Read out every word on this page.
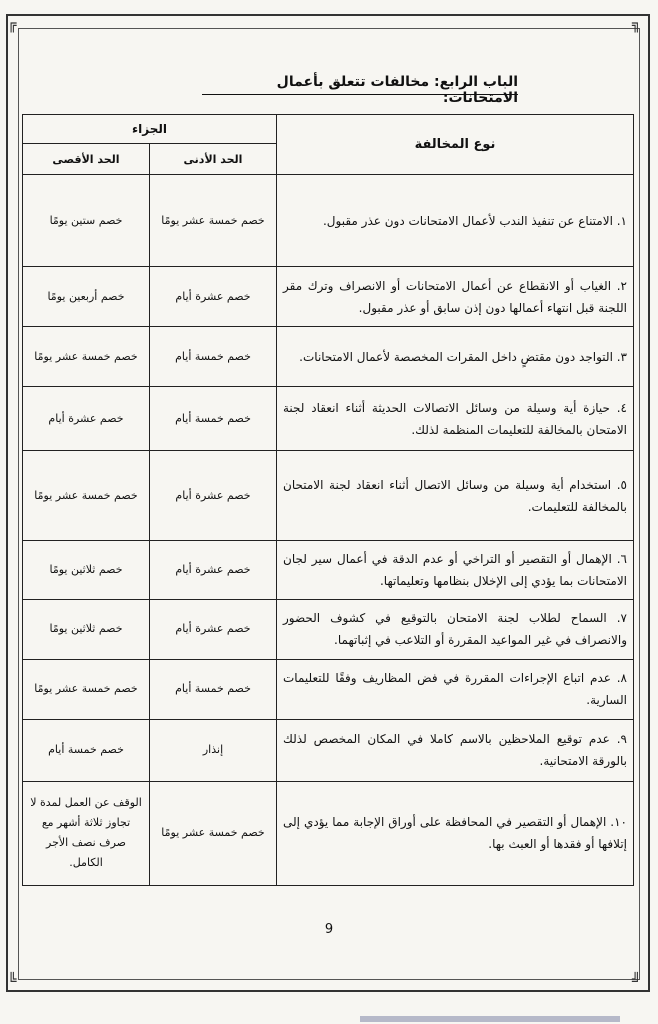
╔	╗
╚	╝
الباب الرابع: مخالفات تتعلق بأعمال الامتحانات:
نوع المخالفة	الجزاء	
	الحد الأدنى	الحد الأقصى
١. الامتناع عن تنفيذ الندب لأعمال الامتحانات دون عذر مقبول.	خصم خمسة عشر يومًا	خصم ستين يومًا
٢. الغياب أو الانقطاع عن أعمال الامتحانات أو الانصراف وترك مقر اللجنة قبل انتهاء أعمالها دون إذن سابق أو عذر مقبول.	خصم عشرة أيام	خصم أربعين يومًا
٣. التواجد دون مقتضٍ داخل المقرات المخصصة لأعمال الامتحانات.	خصم خمسة أيام	خصم خمسة عشر يومًا
٤. حيازة أية وسيلة من وسائل الاتصالات الحديثة أثناء انعقاد لجنة الامتحان بالمخالفة للتعليمات المنظمة لذلك.	خصم خمسة أيام	خصم عشرة أيام
٥. استخدام أية وسيلة من وسائل الاتصال أثناء انعقاد لجنة الامتحان بالمخالفة للتعليمات.	خصم عشرة أيام	خصم خمسة عشر يومًا
٦. الإهمال أو التقصير أو التراخي أو عدم الدقة في أعمال سير لجان الامتحانات بما يؤدي إلى الإخلال بنظامها وتعليماتها.	خصم عشرة أيام	خصم ثلاثين يومًا
٧. السماح لطلاب لجنة الامتحان بالتوقيع في كشوف الحضور والانصراف في غير المواعيد المقررة أو التلاعب في إثباتهما.	خصم عشرة أيام	خصم ثلاثين يومًا
٨. عدم اتباع الإجراءات المقررة في فض المظاريف وفقًا للتعليمات السارية.	خصم خمسة أيام	خصم خمسة عشر يومًا
٩. عدم توقيع الملاحظين بالاسم كاملا في المكان المخصص لذلك بالورقة الامتحانية.	إنذار	خصم خمسة أيام
١٠. الإهمال أو التقصير في المحافظة على أوراق الإجابة مما يؤدي إلى إتلافها أو فقدها أو العبث بها.	خصم خمسة عشر يومًا	الوقف عن العمل لمدة لا تجاوز ثلاثة أشهر مع صرف نصف الأجر الكامل.
9
